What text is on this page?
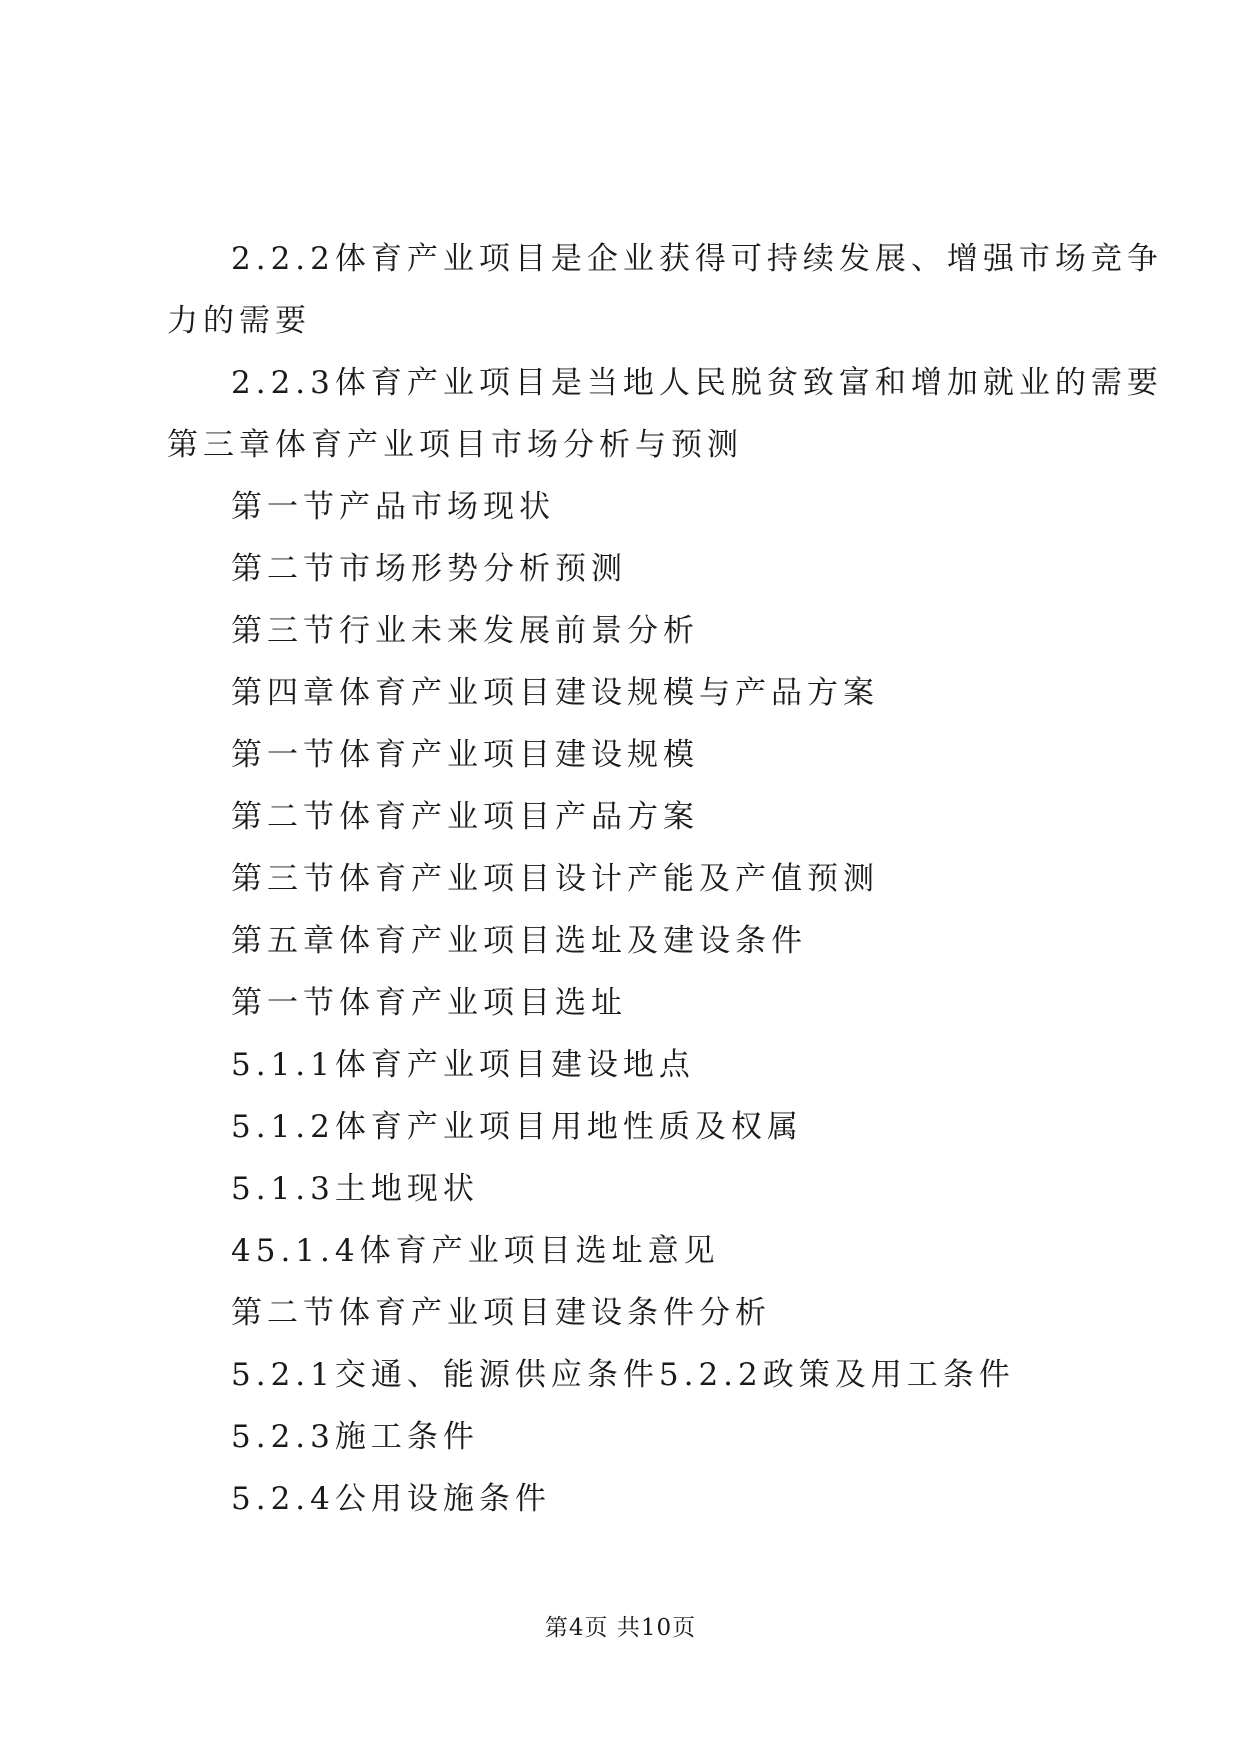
2.2.2体育产业项目是企业获得可持续发展、增强市场竞争
力的需要
2.2.3体育产业项目是当地人民脱贫致富和增加就业的需要
第三章体育产业项目市场分析与预测
第一节产品市场现状
第二节市场形势分析预测
第三节行业未来发展前景分析
第四章体育产业项目建设规模与产品方案
第一节体育产业项目建设规模
第二节体育产业项目产品方案
第三节体育产业项目设计产能及产值预测
第五章体育产业项目选址及建设条件
第一节体育产业项目选址
5.1.1体育产业项目建设地点
5.1.2体育产业项目用地性质及权属
5.1.3土地现状
45.1.4体育产业项目选址意见
第二节体育产业项目建设条件分析
5.2.1交通、能源供应条件5.2.2政策及用工条件
5.2.3施工条件
5.2.4公用设施条件
第4页 共10页
